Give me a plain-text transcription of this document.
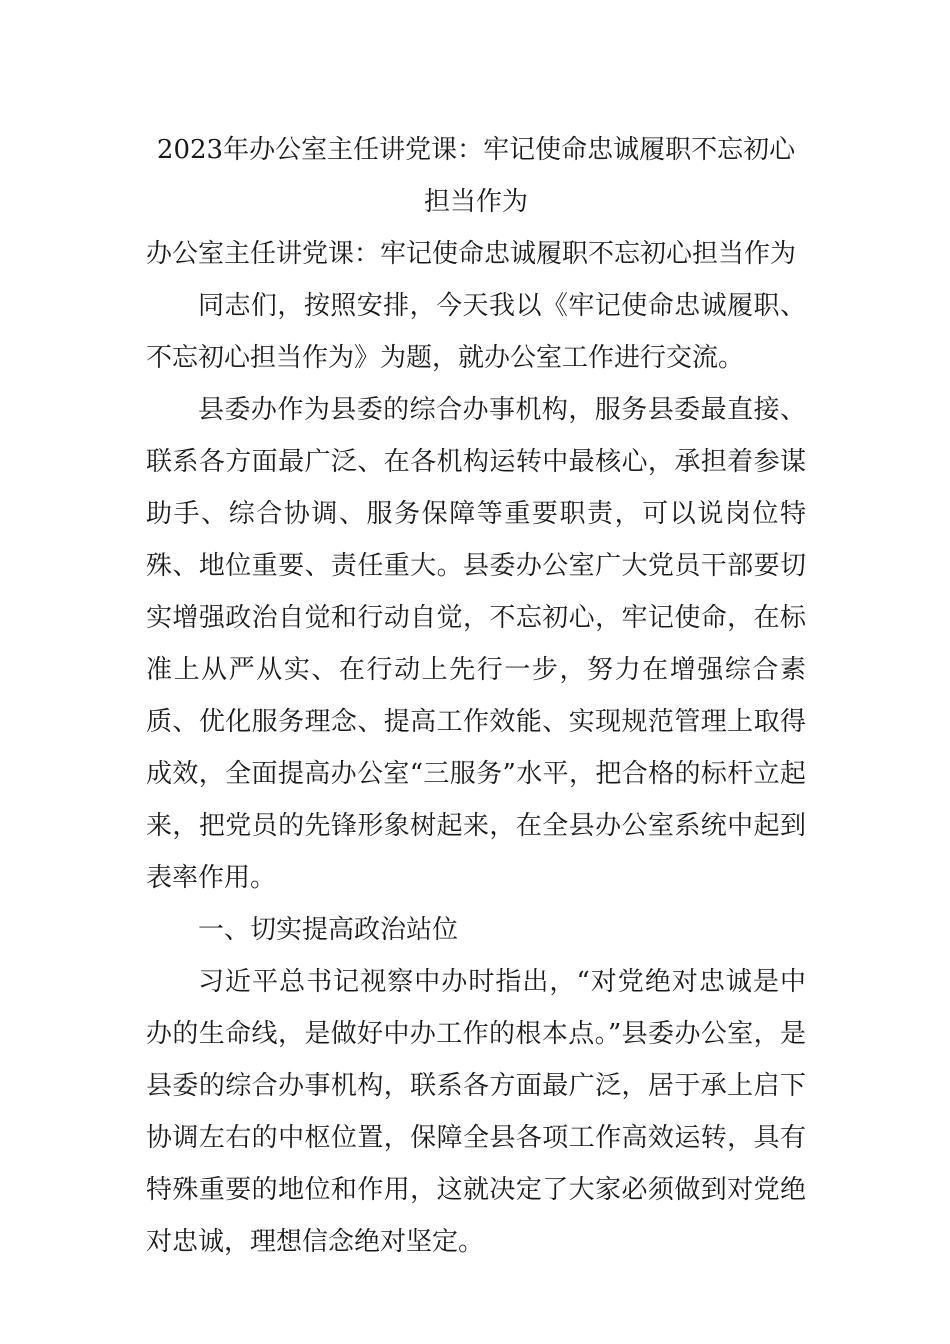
2023年办公室主任讲党课：牢记使命忠诚履职不忘初心担当作为

办公室主任讲党课：牢记使命忠诚履职不忘初心担当作为

同志们，按照安排，今天我以《牢记使命忠诚履职、不忘初心担当作为》为题，就办公室工作进行交流。

县委办作为县委的综合办事机构，服务县委最直接、联系各方面最广泛、在各机构运转中最核心，承担着参谋助手、综合协调、服务保障等重要职责，可以说岗位特殊、地位重要、责任重大。县委办公室广大党员干部要切实增强政治自觉和行动自觉，不忘初心，牢记使命，在标准上从严从实、在行动上先行一步，努力在增强综合素质、优化服务理念、提高工作效能、实现规范管理上取得成效，全面提高办公室“三服务”水平，把合格的标杆立起来，把党员的先锋形象树起来，在全县办公室系统中起到表率作用。

一、切实提高政治站位

习近平总书记视察中办时指出，“对党绝对忠诚是中办的生命线，是做好中办工作的根本点。”县委办公室，是县委的综合办事机构，联系各方面最广泛，居于承上启下协调左右的中枢位置，保障全县各项工作高效运转，具有特殊重要的地位和作用，这就决定了大家必须做到对党绝对忠诚，理想信念绝对坚定。
